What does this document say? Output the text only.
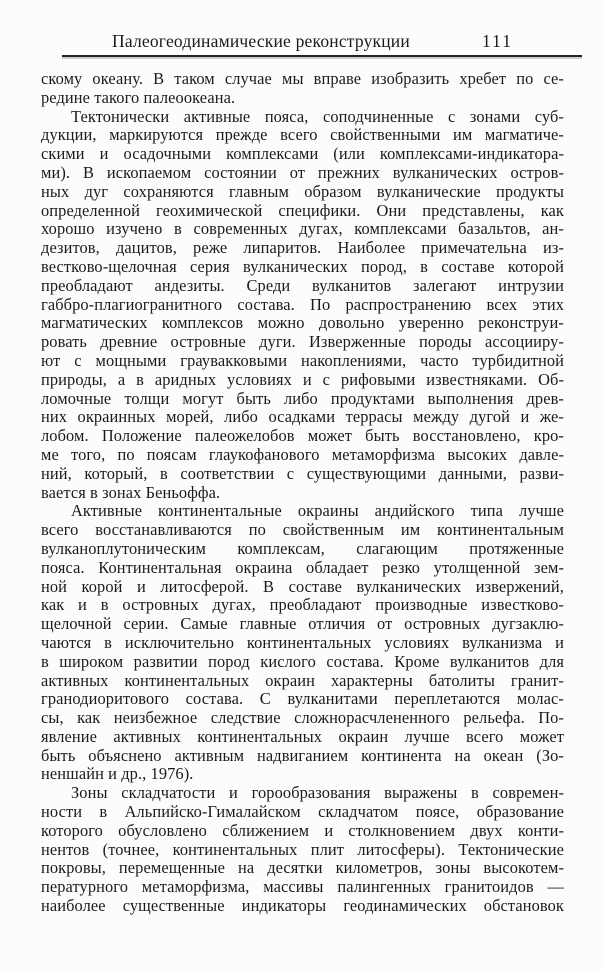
Палеогеодинамические реконструкции	111
скому океану. В таком случае мы вправе изобразить хребет по се-
редине такого палеоокеана.
Тектонически активные пояса, соподчиненные с зонами суб-
дукции, маркируются прежде всего свойственными им магматиче-
скими и осадочными комплексами (или комплексами-индикатора-
ми). В ископаемом состоянии от прежних вулканических остров-
ных дуг сохраняются главным образом вулканические продукты
определенной геохимической специфики. Они представлены, как
хорошо изучено в современных дугах, комплексами базальтов, ан-
дезитов, дацитов, реже липаритов. Наиболее примечательна из-
вестково-щелочная серия вулканических пород, в составе которой
преобладают андезиты. Среди вулканитов залегают интрузии
габбро-плагиогранитного состава. По распространению всех этих
магматических комплексов можно довольно уверенно реконструи-
ровать древние островные дуги. Изверженные породы ассоцииру-
ют с мощными граувакковыми накоплениями, часто турбидитной
природы, а в аридных условиях и с рифовыми известняками. Об-
ломочные толщи могут быть либо продуктами выполнения древ-
них окраинных морей, либо осадками террасы между дугой и же-
лобом. Положение палеожелобов может быть восстановлено, кро-
ме того, по поясам глаукофанового метаморфизма высоких давле-
ний, который, в соответствии с существующими данными, разви-
вается в зонах Беньоффа.
Активные континентальные окраины андийского типа лучше
всего восстанавливаются по свойственным им континентальным
вулканоплутоническим комплексам, слагающим протяженные
пояса. Континентальная окраина обладает резко утолщенной зем-
ной корой и литосферой. В составе вулканических извержений,
как и в островных дугах, преобладают производные известково-
щелочной серии. Самые главные отличия от островных дугзаклю-
чаются в исключительно континентальных условиях вулканизма и
в широком развитии пород кислого состава. Кроме вулканитов для
активных континентальных окраин характерны батолиты гранит-
гранодиоритового состава. С вулканитами переплетаются молас-
сы, как неизбежное следствие сложнорасчлененного рельефа. По-
явление активных континентальных окраин лучше всего может
быть объяснено активным надвиганием континента на океан (Зо-
неншайн и др., 1976).
Зоны складчатости и горообразования выражены в современ-
ности в Альпийско-Гималайском складчатом поясе, образование
которого обусловлено сближением и столкновением двух конти-
нентов (точнее, континентальных плит литосферы). Тектонические
покровы, перемещенные на десятки километров, зоны высокотем-
пературного метаморфизма, массивы палингенных гранитоидов —
наиболее существенные индикаторы геодинамических обстановок
